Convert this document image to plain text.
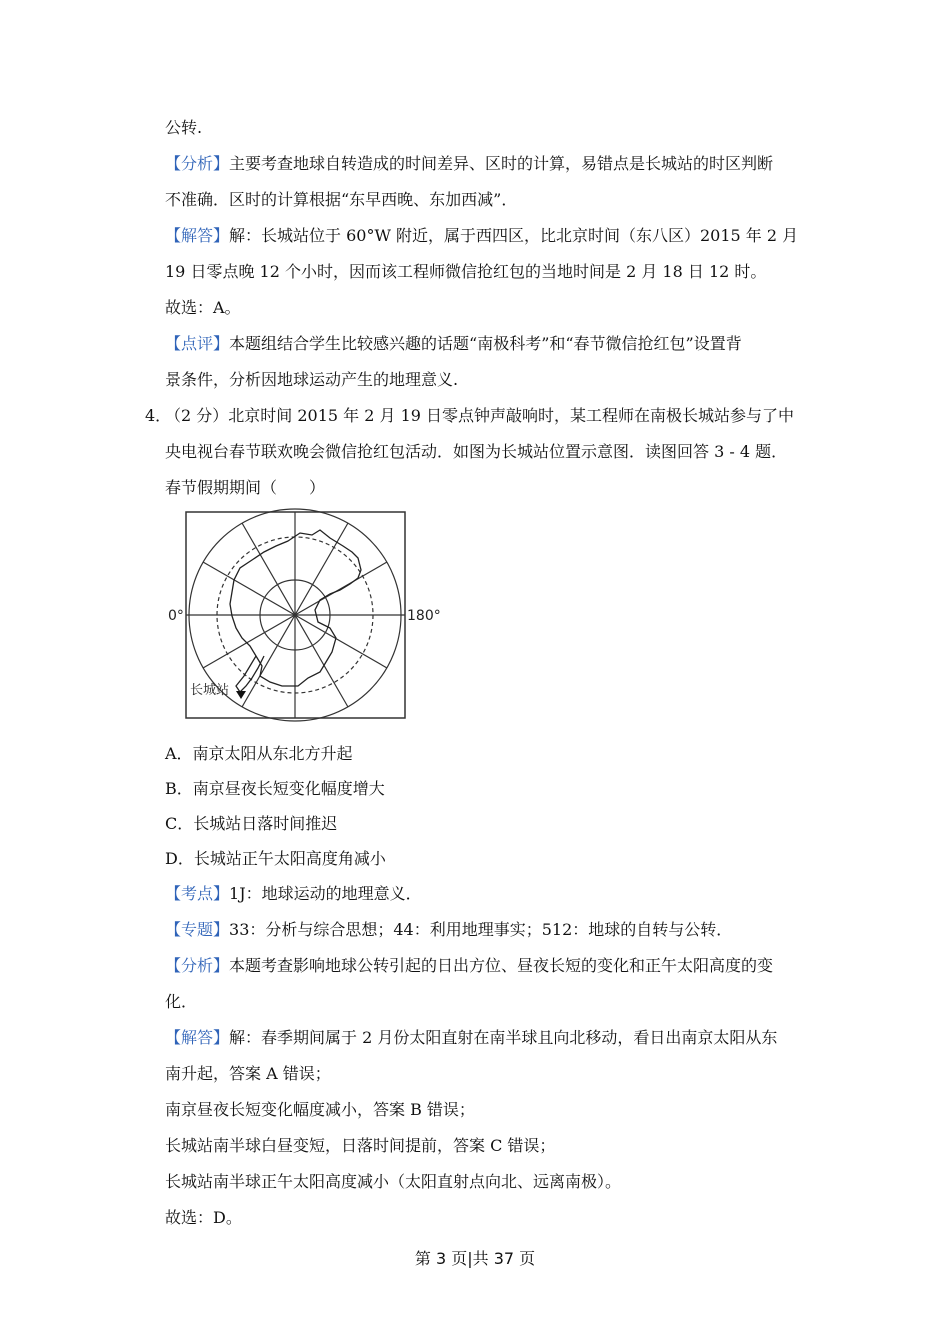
公转.
【分析】主要考查地球自转造成的时间差异、区时的计算，易错点是长城站的时区判断
不准确．区时的计算根据“东早西晚、东加西减”．
【解答】解：长城站位于 60°W 附近，属于西四区，比北京时间（东八区）2015 年 2 月
19 日零点晚 12 个小时，因而该工程师微信抢红包的当地时间是 2 月 18 日 12 时。
故选：A。
【点评】本题组结合学生比较感兴趣的话题“南极科考”和“春节微信抢红包”设置背
景条件，分析因地球运动产生的地理意义.
4．
（2 分）北京时间 2015 年 2 月 19 日零点钟声敲响时，某工程师在南极长城站参与了中
央电视台春节联欢晚会微信抢红包活动．如图为长城站位置示意图．读图回答 3 - 4 题．
春节假期期间（　　）
0°	180°
长城站
A．南京太阳从东北方升起
B．南京昼夜长短变化幅度增大
C．长城站日落时间推迟
D．长城站正午太阳高度角减小
【考点】1J：地球运动的地理意义．
【专题】33：分析与综合思想；44：利用地理事实；512：地球的自转与公转．
【分析】本题考查影响地球公转引起的日出方位、昼夜长短的变化和正午太阳高度的变
化．
【解答】解：春季期间属于 2 月份太阳直射在南半球且向北移动，看日出南京太阳从东
南升起，答案 A 错误；
南京昼夜长短变化幅度减小，答案 B 错误；
长城站南半球白昼变短，日落时间提前，答案 C 错误；
长城站南半球正午太阳高度减小（太阳直射点向北、远离南极）。
故选：D。
第 3 页|共 37 页
